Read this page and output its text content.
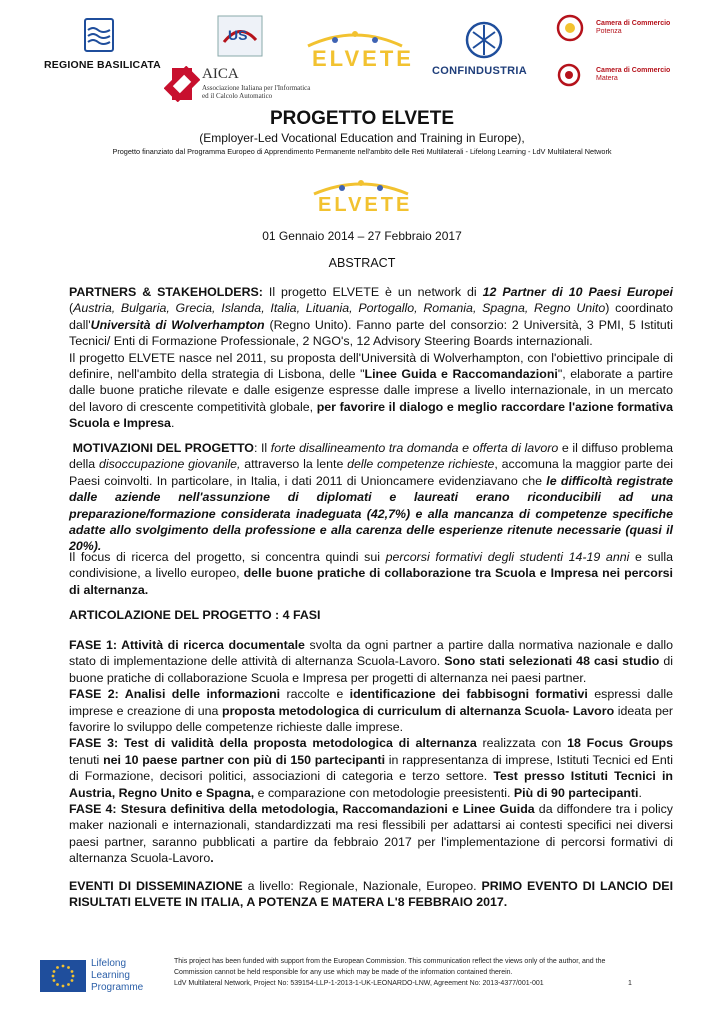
REGIONE BASILICATA
US
AICA
Associazione Italiana per l'Informatica
ed il Calcolo Automatico
ELVETE CONFINDUSTRIA
Camera di Commercio
Potenza
Camera di Commercio
Matera
PROGETTO ELVETE
(Employer-Led Vocational Education and Training in Europe),
Progetto finanziato dal Programma Europeo di Apprendimento Permanente nell'ambito delle Reti Multilaterali - Lifelong Learning - LdV Multilateral Network
ELVETE
01 Gennaio 2014 – 27 Febbraio 2017
ABSTRACT

PARTNERS & STAKEHOLDERS: Il progetto ELVETE è un network di 12 Partner di 10 Paesi Europei (Austria, Bulgaria, Grecia, Islanda, Italia, Lituania, Portogallo, Romania, Spagna, Regno Unito) coordinato dall'Università di Wolverhampton (Regno Unito). Fanno parte del consorzio: 2 Università, 3 PMI, 5 Istituti Tecnici/ Enti di Formazione Professionale, 2 NGO's, 12 Advisory Steering Boards internazionali.

Il progetto ELVETE nasce nel 2011, su proposta dell'Università di Wolverhampton, con l'obiettivo principale di definire, nell'ambito della strategia di Lisbona, delle "Linee Guida e Raccomandazioni", elaborate a partire dalle buone pratiche rilevate e dalle esigenze espresse dalle imprese a livello internazionale, in un mercato del lavoro di crescente competitività globale, per favorire il dialogo e meglio raccordare l'azione formativa Scuola e Impresa.

MOTIVAZIONI DEL PROGETTO: Il forte disallineamento tra domanda e offerta di lavoro e il diffuso problema della disoccupazione giovanile, attraverso la lente delle competenze richieste, accomuna la maggior parte dei Paesi coinvolti. In particolare, in Italia, i dati 2011 di Unioncamere evidenziavano che le difficoltà registrate dalle aziende nell'assunzione di diplomati e laureati erano riconducibili ad una preparazione/formazione considerata inadeguata (42,7%) e alla mancanza di competenze specifiche adatte allo svolgimento della professione e alla carenza delle esperienze ritenute necessarie (quasi il 20%).

Il focus di ricerca del progetto, si concentra quindi sui percorsi formativi degli studenti 14-19 anni e sulla condivisione, a livello europeo, delle buone pratiche di collaborazione tra Scuola e Impresa nei percorsi di alternanza.

ARTICOLAZIONE DEL PROGETTO : 4 FASI

FASE 1: Attività di ricerca documentale svolta da ogni partner a partire dalla normativa nazionale e dallo stato di implementazione delle attività di alternanza Scuola-Lavoro. Sono stati selezionati 48 casi studio di buone pratiche di collaborazione Scuola e Impresa per progetti di alternanza nei paesi partner.

FASE 2: Analisi delle informazioni raccolte e identificazione dei fabbisogni formativi espressi dalle imprese e creazione di una proposta metodologica di curriculum di alternanza Scuola- Lavoro ideata per favorire lo sviluppo delle competenze richieste dalle imprese.

FASE 3: Test di validità della proposta metodologica di alternanza realizzata con 18 Focus Groups tenuti nei 10 paese partner con più di 150 partecipanti in rappresentanza di imprese, Istituti Tecnici ed Enti di Formazione, decisori politici, associazioni di categoria e terzo settore. Test presso Istituti Tecnici in Austria, Regno Unito e Spagna, e comparazione con metodologie preesistenti. Più di 90 partecipanti.

FASE 4: Stesura definitiva della metodologia, Raccomandazioni e Linee Guida da diffondere tra i policy maker nazionali e internazionali, standardizzati ma resi flessibili per adattarsi ai contesti specifici nei diversi paesi partner, saranno pubblicati a partire da febbraio 2017 per l'implementazione di percorsi formativi di alternanza Scuola-Lavoro.

EVENTI DI DISSEMINAZIONE a livello: Regionale, Nazionale, Europeo. PRIMO EVENTO DI LANCIO DEI RISULTATI ELVETE IN ITALIA, A POTENZA E MATERA L'8 FEBBRAIO 2017.

Lifelong
Learning
Programme
This project has been funded with support from the European Commission. This communication reflect the views only of the author, and the
Commission cannot be held responsible for any use which may be made of the information contained therein.
LdV Multilateral Network, Project No: 539154-LLP-1-2013-1-UK-LEONARDO-LNW, Agreement No: 2013-4377/001-001	1
